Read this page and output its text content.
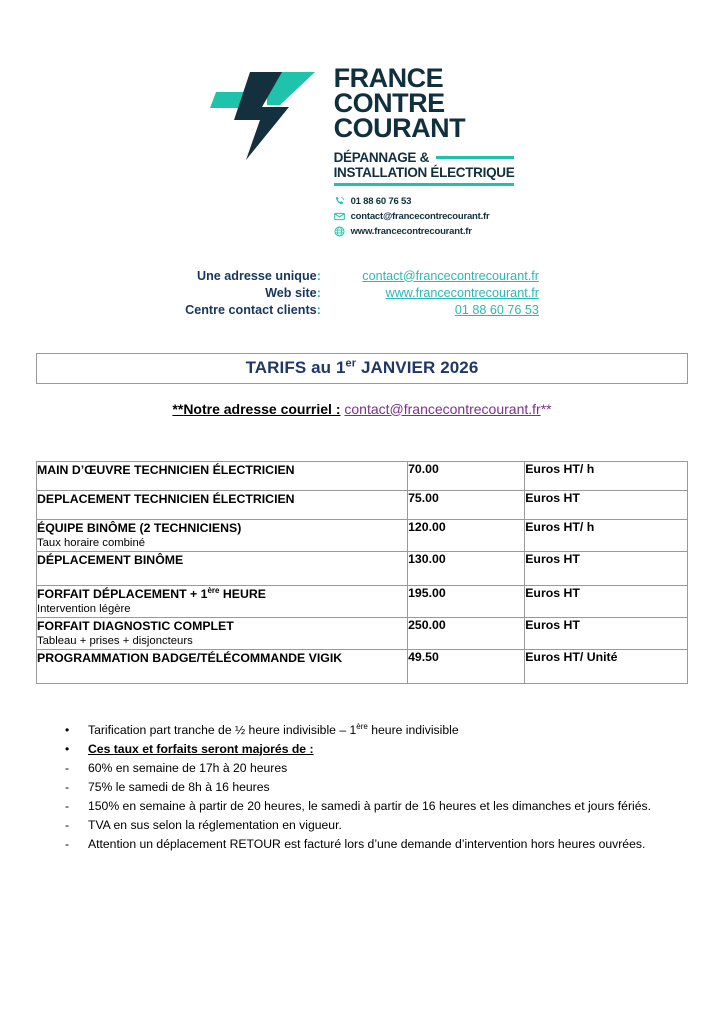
FRANCE
CONTRE
COURANT
DÉPANNAGE &
INSTALLATION ÉLECTRIQUE
01 88 60 76 53
contact@francecontrecourant.fr
www.francecontrecourant.fr
Une adresse unique	:	contact@francecontrecourant.fr
Web site	:	www.francecontrecourant.fr
Centre contact clients	:	01 88 60 76 53
TARIFS au 1er JANVIER 2026
**Notre adresse courriel : contact@francecontrecourant.fr**
MAIN D’ŒUVRE TECHNICIEN ÉLECTRICIEN	70.00	Euros HT/ h

DEPLACEMENT TECHNICIEN ÉLECTRICIEN	75.00	Euros HT

ÉQUIPE BINÔME (2 TECHNICIENS)
Taux horaire combiné	120.00	Euros HT/ h

DÉPLACEMENT BINÔME	130.00	Euros HT

FORFAIT DÉPLACEMENT + 1ère HEURE
Intervention légère	195.00	Euros HT

FORFAIT DIAGNOSTIC COMPLET
Tableau + prises + disjoncteurs	250.00	Euros HT

PROGRAMMATION BADGE/TÉLÉCOMMANDE VIGIK	49.50	Euros HT/ Unité
•	Tarification part tranche de ½ heure indivisible – 1ère heure indivisible
•	Ces taux et forfaits seront majorés de :
-	60% en semaine de 17h à 20 heures
-	75% le samedi de 8h à 16 heures
-	150% en semaine à partir de 20 heures, le samedi à partir de 16 heures et les dimanches et jours fériés.
-	TVA en sus selon la réglementation en vigueur.
-	Attention un déplacement RETOUR est facturé lors d’une demande d’intervention hors heures ouvrées.
